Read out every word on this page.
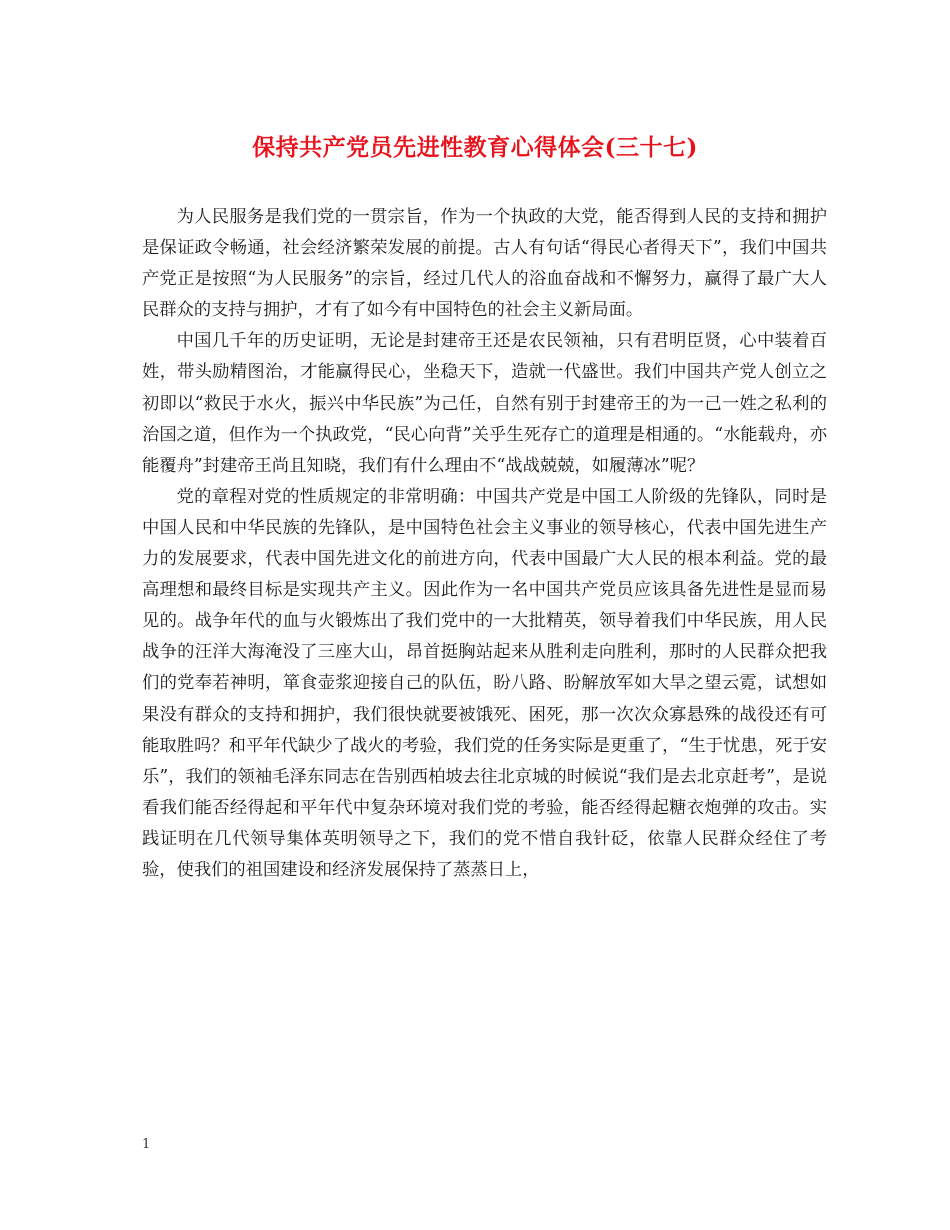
保持共产党员先进性教育心得体会(三十七)

为人民服务是我们党的一贯宗旨，作为一个执政的大党，能否得到人民的支持和拥护是保证政令畅通，社会经济繁荣发展的前提。古人有句话“得民心者得天下”，我们中国共产党正是按照“为人民服务”的宗旨，经过几代人的浴血奋战和不懈努力，赢得了最广大人民群众的支持与拥护，才有了如今有中国特色的社会主义新局面。

中国几千年的历史证明，无论是封建帝王还是农民领袖，只有君明臣贤，心中装着百姓，带头励精图治，才能赢得民心，坐稳天下，造就一代盛世。我们中国共产党人创立之初即以“救民于水火，振兴中华民族”为己任，自然有别于封建帝王的为一己一姓之私利的治国之道，但作为一个执政党，“民心向背”关乎生死存亡的道理是相通的。“水能载舟，亦能覆舟”封建帝王尚且知晓，我们有什么理由不“战战兢兢，如履薄冰”呢？

党的章程对党的性质规定的非常明确：中国共产党是中国工人阶级的先锋队，同时是中国人民和中华民族的先锋队，是中国特色社会主义事业的领导核心，代表中国先进生产力的发展要求，代表中国先进文化的前进方向，代表中国最广大人民的根本利益。党的最高理想和最终目标是实现共产主义。因此作为一名中国共产党员应该具备先进性是显而易见的。战争年代的血与火锻炼出了我们党中的一大批精英，领导着我们中华民族，用人民战争的汪洋大海淹没了三座大山，昂首挺胸站起来从胜利走向胜利，那时的人民群众把我们的党奉若神明，箪食壶浆迎接自己的队伍，盼八路、盼解放军如大旱之望云霓，试想如果没有群众的支持和拥护，我们很快就要被饿死、困死，那一次次众寡悬殊的战役还有可能取胜吗？和平年代缺少了战火的考验，我们党的任务实际是更重了，“生于忧患，死于安乐”，我们的领袖毛泽东同志在告别西柏坡去往北京城的时候说“我们是去北京赶考”，是说看我们能否经得起和平年代中复杂环境对我们党的考验，能否经得起糖衣炮弹的攻击。实践证明在几代领导集体英明领导之下，我们的党不惜自我针砭，依靠人民群众经住了考验，使我们的祖国建设和经济发展保持了蒸蒸日上，

1
